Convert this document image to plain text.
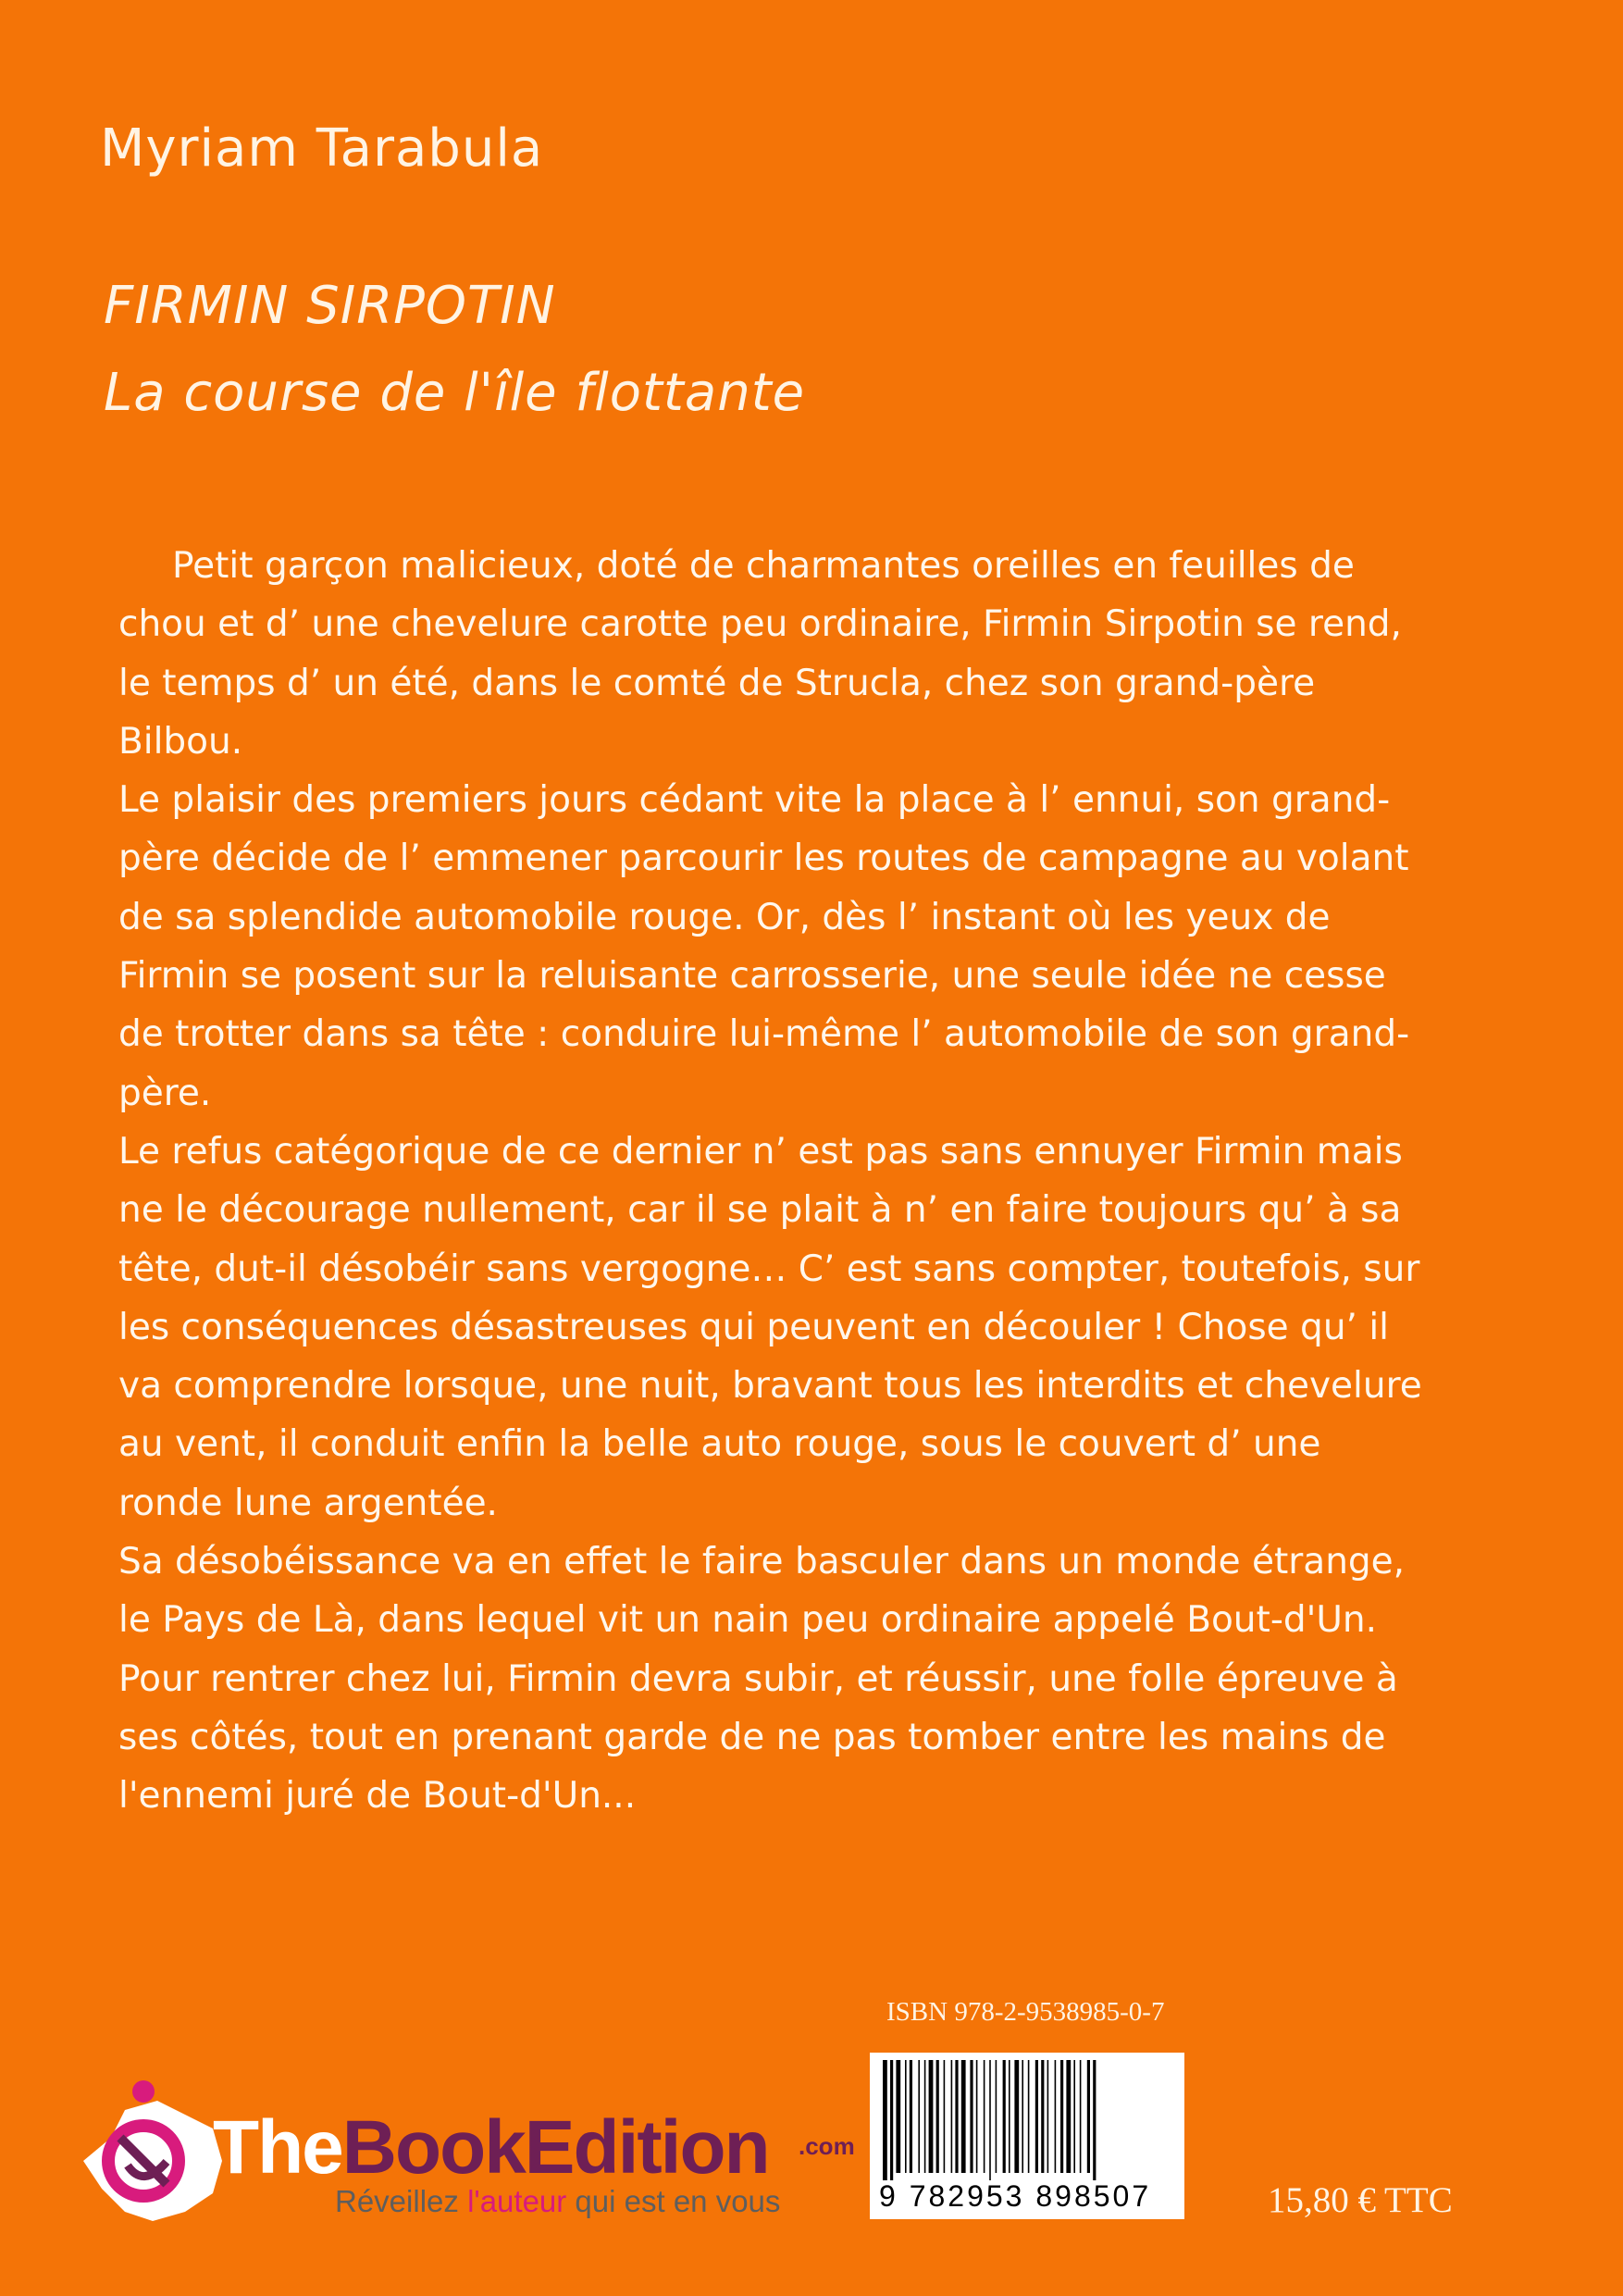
Myriam Tarabula
FIRMIN SIRPOTIN
La course de l'île flottante

Petit garçon malicieux, doté de charmantes oreilles en feuilles de chou et d’ une chevelure carotte peu ordinaire, Firmin Sirpotin se rend, le temps d’ un été, dans le comté de Strucla, chez son grand-père Bilbou.

Le plaisir des premiers jours cédant vite la place à l’ ennui, son grand-père décide de l’ emmener parcourir les routes de campagne au volant de sa splendide automobile rouge. Or, dès l’ instant où les yeux de Firmin se posent sur la reluisante carrosserie, une seule idée ne cesse de trotter dans sa tête : conduire lui-même l’ automobile de son grand-père.

Le refus catégorique de ce dernier n’ est pas sans ennuyer Firmin mais ne le décourage nullement, car il se plait à n’ en faire toujours qu’ à sa tête, dut-il désobéir sans vergogne… C’ est sans compter, toutefois, sur les conséquences désastreuses qui peuvent en découler ! Chose qu’ il va comprendre lorsque, une nuit, bravant tous les interdits et chevelure au vent, il conduit enfin la belle auto rouge, sous le couvert d’ une ronde lune argentée.

Sa désobéissance va en effet le faire basculer dans un monde étrange, le Pays de Là, dans lequel vit un nain peu ordinaire appelé Bout-d'Un.

Pour rentrer chez lui, Firmin devra subir, et réussir, une folle épreuve à ses côtés, tout en prenant garde de ne pas tomber entre les mains de l'ennemi juré de Bout-d'Un...

TheBookEdition .com
Réveillez l'auteur qui est en vous
ISBN 978-2-9538985-0-7
9 782953 898507	15,80 € TTC
